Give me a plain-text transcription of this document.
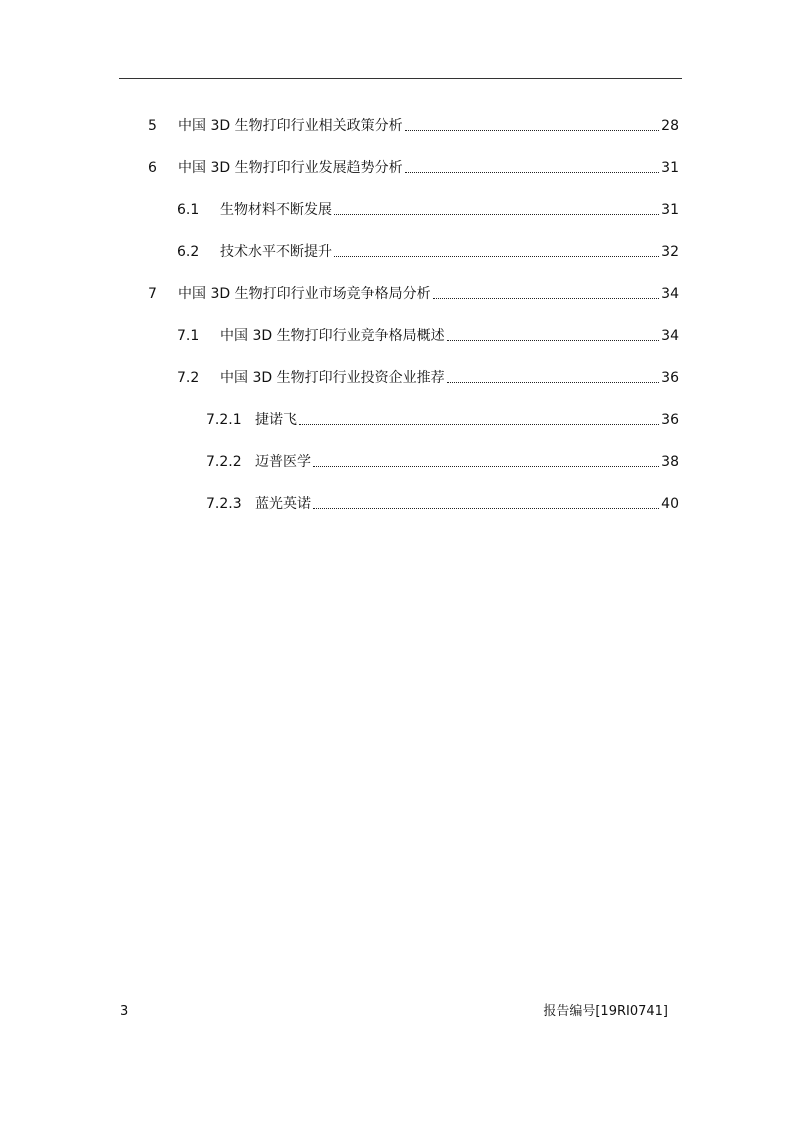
5	中国 3D 生物打印行业相关政策分析	28
6	中国 3D 生物打印行业发展趋势分析	31
6.1	生物材料不断发展	31
6.2	技术水平不断提升	32
7	中国 3D 生物打印行业市场竞争格局分析	34
7.1	中国 3D 生物打印行业竞争格局概述	34
7.2	中国 3D 生物打印行业投资企业推荐	36
7.2.1 捷诺飞	36
7.2.2 迈普医学	38
7.2.3 蓝光英诺	40
3	报告编号[19RI0741]
